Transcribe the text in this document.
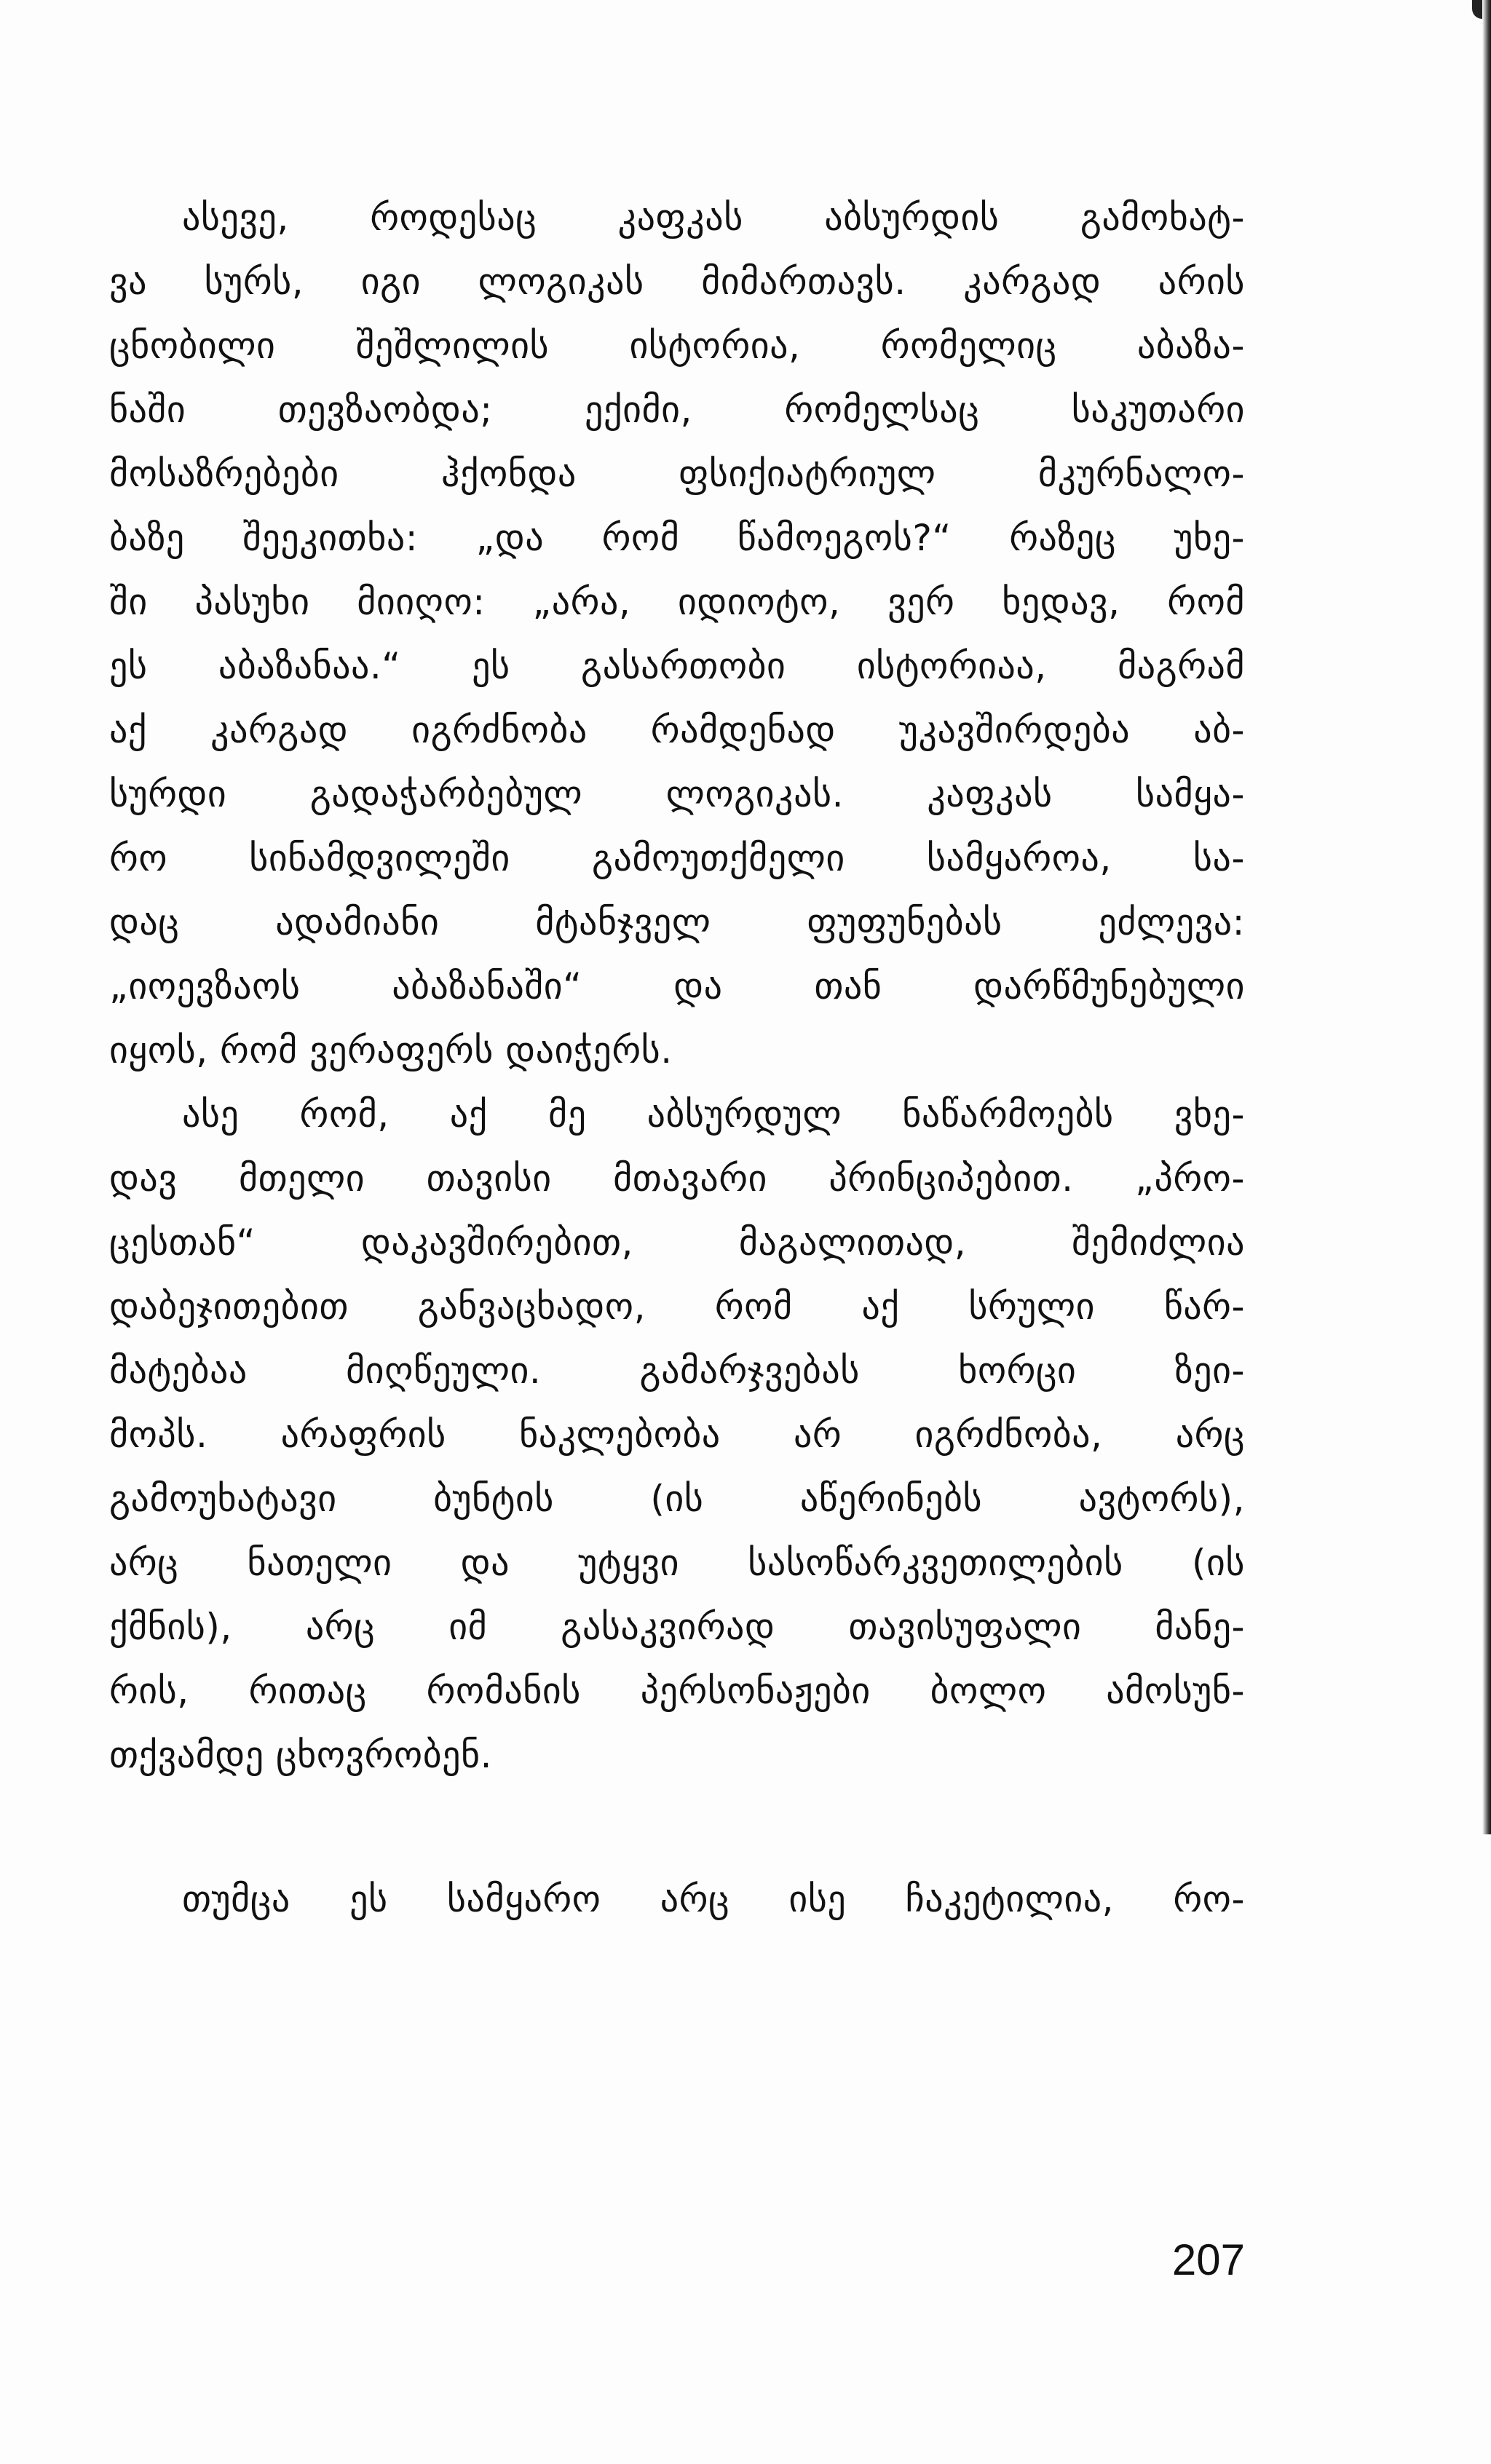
ასევე, როდესაც კაფკას აბსურდის გამოხატ-
ვა სურს, იგი ლოგიკას მიმართავს. კარგად არის
ცნობილი შეშლილის ისტორია, რომელიც აბაზა-
ნაში თევზაობდა; ექიმი, რომელსაც საკუთარი
მოსაზრებები ჰქონდა ფსიქიატრიულ მკურნალო-
ბაზე შეეკითხა: „და რომ წამოეგოს?“ რაზეც უხე-
ში პასუხი მიიღო: „არა, იდიოტო, ვერ ხედავ, რომ
ეს აბაზანაა.“ ეს გასართობი ისტორიაა, მაგრამ
აქ კარგად იგრძნობა რამდენად უკავშირდება აბ-
სურდი გადაჭარბებულ ლოგიკას. კაფკას სამყა-
რო სინამდვილეში გამოუთქმელი სამყაროა, სა-
დაც ადამიანი მტანჯველ ფუფუნებას ეძლევა:
„იოევზაოს აბაზანაში“ და თან დარწმუნებული
იყოს, რომ ვერაფერს დაიჭერს.
ასე რომ, აქ მე აბსურდულ ნაწარმოებს ვხე-
დავ მთელი თავისი მთავარი პრინციპებით. „პრო-
ცესთან“ დაკავშირებით, მაგალითად, შემიძლია
დაბეჯითებით განვაცხადო, რომ აქ სრული წარ-
მატებაა მიღწეული. გამარჯვებას ხორცი ზეი-
მოპს. არაფრის ნაკლებობა არ იგრძნობა, არც
გამოუხატავი ბუნტის (ის აწერინებს ავტორს),
არც ნათელი და უტყვი სასოწარკვეთილების (ის
ქმნის), არც იმ გასაკვირად თავისუფალი მანე-
რის, რითაც რომანის პერსონაჟები ბოლო ამოსუნ-
თქვამდე ცხოვრობენ.
თუმცა ეს სამყარო არც ისე ჩაკეტილია, რო-
207
